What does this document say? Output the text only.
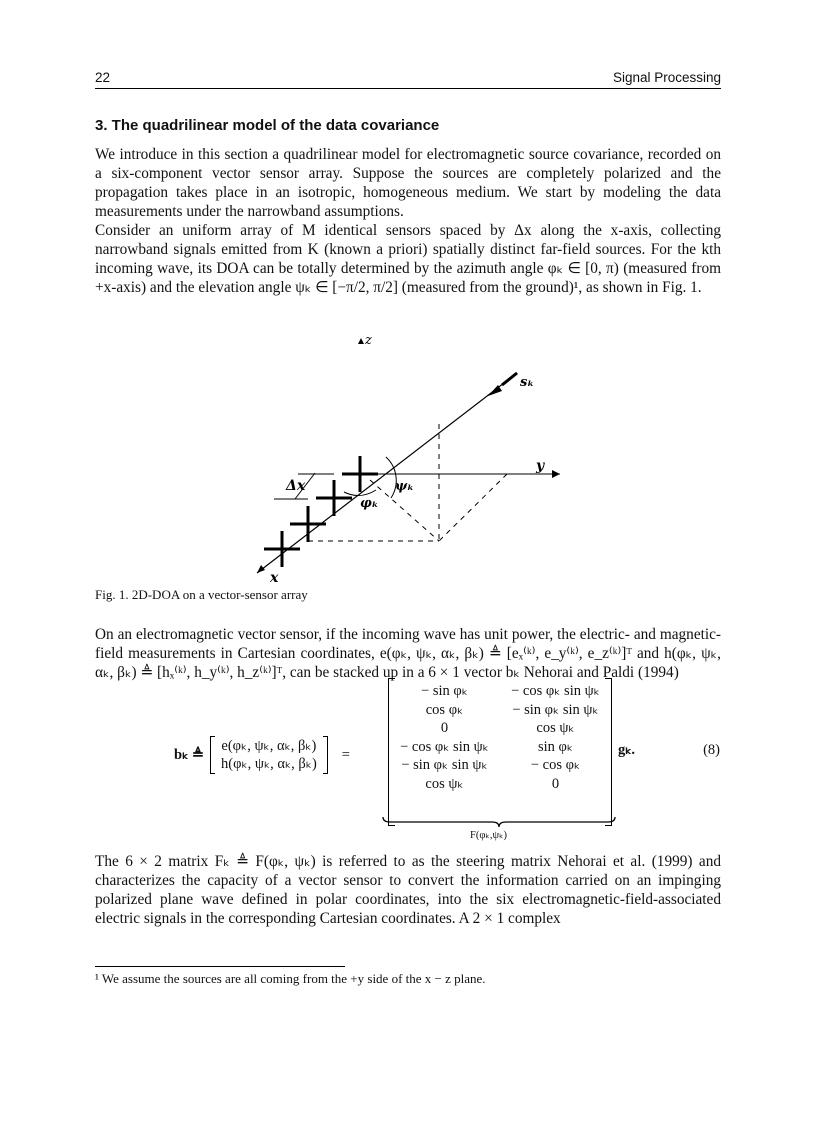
22	Signal Processing
3. The quadrilinear model of the data covariance

We introduce in this section a quadrilinear model for electromagnetic source covariance, recorded on a six-component vector sensor array. Suppose the sources are completely polarized and the propagation takes place in an isotropic, homogeneous medium. We start by modeling the data measurements under the narrowband assumptions.

Consider an uniform array of M identical sensors spaced by Δx along the x-axis, collecting narrowband signals emitted from K (known a priori) spatially distinct far-field sources. For the kth incoming wave, its DOA can be totally determined by the azimuth angle φₖ ∈ [0, π) (measured from +x-axis) and the elevation angle ψₖ ∈ [−π/2, π/2] (measured from the ground)¹, as shown in Fig. 1.

z
y
x
sₖ
ψₖ
φₖ
Δx
Fig. 1. 2D-DOA on a vector-sensor array

On an electromagnetic vector sensor, if the incoming wave has unit power, the electric- and magnetic-field measurements in Cartesian coordinates, e(φₖ, ψₖ, αₖ, βₖ) ≜ [eₓ⁽ᵏ⁾, e_y⁽ᵏ⁾, e_z⁽ᵏ⁾]ᵀ and h(φₖ, ψₖ, αₖ, βₖ) ≜ [hₓ⁽ᵏ⁾, h_y⁽ᵏ⁾, h_z⁽ᵏ⁾]ᵀ, can be stacked up in a 6 × 1 vector bₖ Nehorai and Paldi (1994)

bₖ ≜
e(φₖ, ψₖ, αₖ, βₖ)
h(φₖ, ψₖ, αₖ, βₖ)
=
− sin φₖ	− cos φₖ sin ψₖ
cos φₖ	− sin φₖ sin ψₖ
0	cos ψₖ
− cos φₖ sin ψₖ	sin φₖ
− sin φₖ sin ψₖ	− cos φₖ
cos ψₖ	0
F(φₖ,ψₖ)
gₖ.	(8)

The 6 × 2 matrix Fₖ ≜ F(φₖ, ψₖ) is referred to as the steering matrix Nehorai et al. (1999) and characterizes the capacity of a vector sensor to convert the information carried on an impinging polarized plane wave defined in polar coordinates, into the six electromagnetic-field-associated electric signals in the corresponding Cartesian coordinates. A 2 × 1 complex

¹ We assume the sources are all coming from the +y side of the x − z plane.
